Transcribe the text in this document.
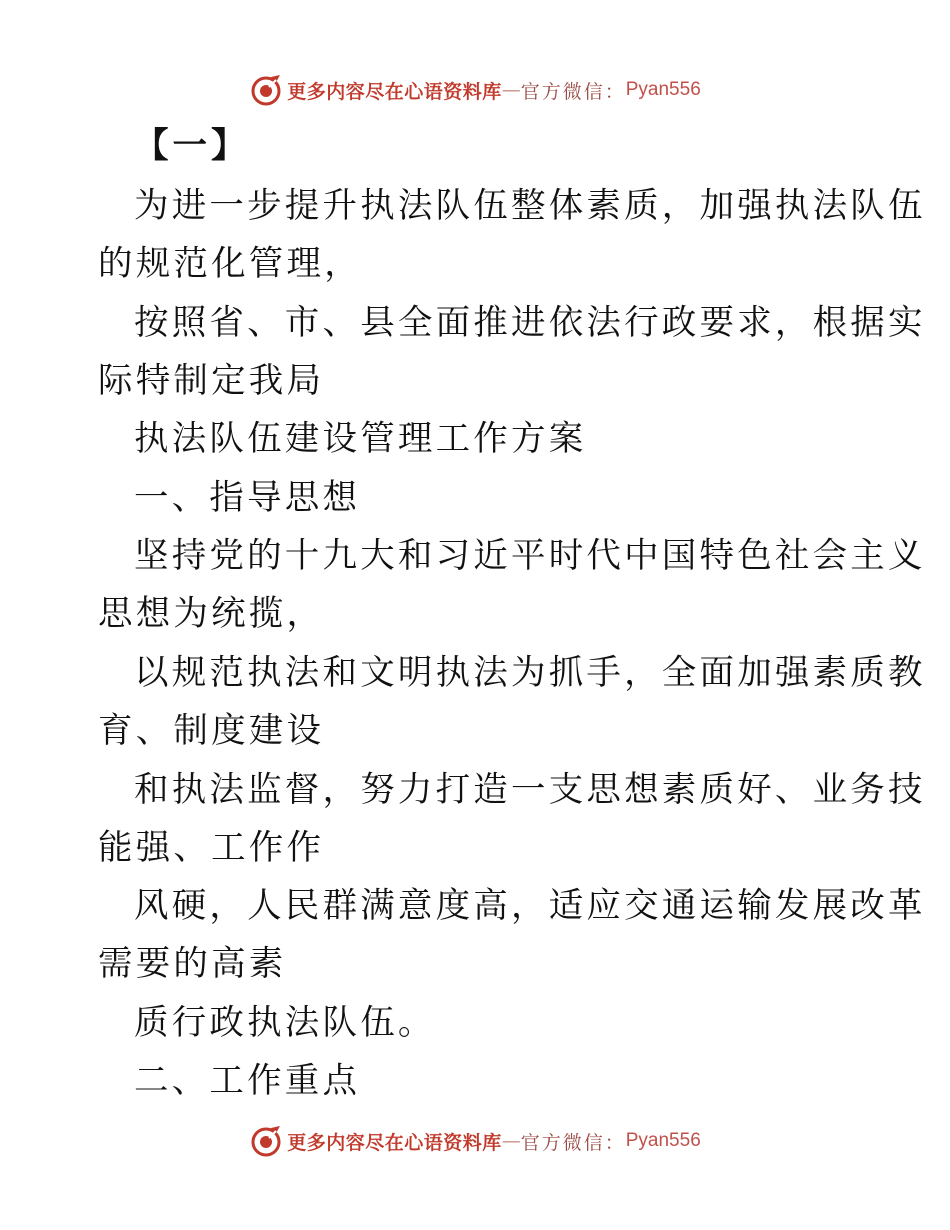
更多内容尽在心语资料库 — 官方微信： Pyan556
【一】
为进一步提升执法队伍整体素质，加强执法队伍
的规范化管理，
按照省、市、县全面推进依法行政要求，根据实
际特制定我局
执法队伍建设管理工作方案
一、指导思想
坚持党的十九大和习近平时代中国特色社会主义
思想为统揽，
以规范执法和文明执法为抓手，全面加强素质教
育、制度建设
和执法监督，努力打造一支思想素质好、业务技
能强、工作作
风硬，人民群满意度高，适应交通运输发展改革
需要的高素
质行政执法队伍。
二、工作重点
更多内容尽在心语资料库 — 官方微信： Pyan556
